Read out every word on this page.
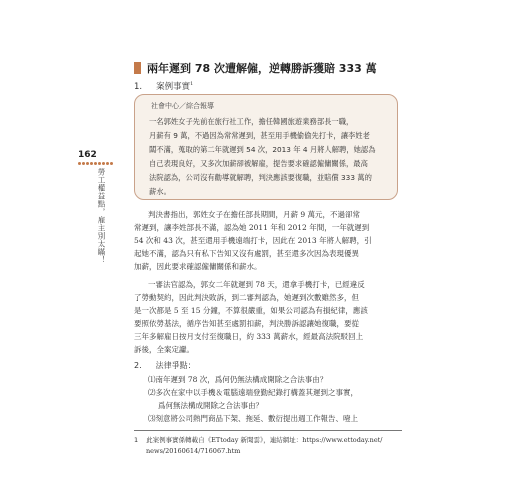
162
勞工權益點，雇主別太瞞！
兩年遲到 78 次遭解僱，逆轉勝訴獲賠 333 萬
1. 案例事實$^1$
社會中心／綜合報導
一名郭姓女子先前在旅行社工作，擔任韓國旅遊業務部長一職，
月薪有 9 萬，不過因為常常遲到，甚至用手機偷偷先打卡，讓李姓老
闆不滿，蒐取的第二年就遲到 54 次，2013 年 4 月將人解聘，她認為
自己表現良好，又多次加薪卻被解雇，提告要求確認僱傭關係，最高
法院認為，公司沒有勸導就解聘，判決應該要復職，並賠償 333 萬的
薪水。
判決書指出，郭姓女子在擔任部長期間，月薪 9 萬元，不過卻常
常遲到，讓李姓部長不滿，認為她 2011 年和 2012 年間，一年就遲到
54 次和 43 次，甚至還用手機遠端打卡，因此在 2013 年將人解聘，引
起她不滿，認為只有私下告知又沒有處罰，甚至還多次因為表現優異
加薪，因此要求確認僱傭關係和薪水。
一審法官認為，郭女二年就遲到 78 天，還拿手機打卡，已經違反
了勞動契約，因此判決敗訴，到二審判認為，她遲到次數雖然多，但
是一次都是 5 至 15 分鐘，不算很嚴重，如果公司認為有損紀律，應該
要照依勞基法，循序告知甚至處罰扣薪，判決勝訴認讓她復職，要從
三年多解雇日按月支付至復職日，約 333 萬薪水，經最高法院駁回上
訴後，全案定讞。
2. 法律爭點：
⑴南年遲到 78 次，爲何仍無法構成開除之合法事由？
⑵多次在家中以手機＆電腦遠端登勤紀錄打構蓋其遲到之事實，
爲何無法構成開除之合法事由？
⑶刻意將公司熱門商品下架、拖延、數衍提出週工作報告、噎上
1 此案例事實係轉載自《ETtoday 新聞雲》，連結網址：https://www.ettoday.net/
news/20160614/716067.htm
